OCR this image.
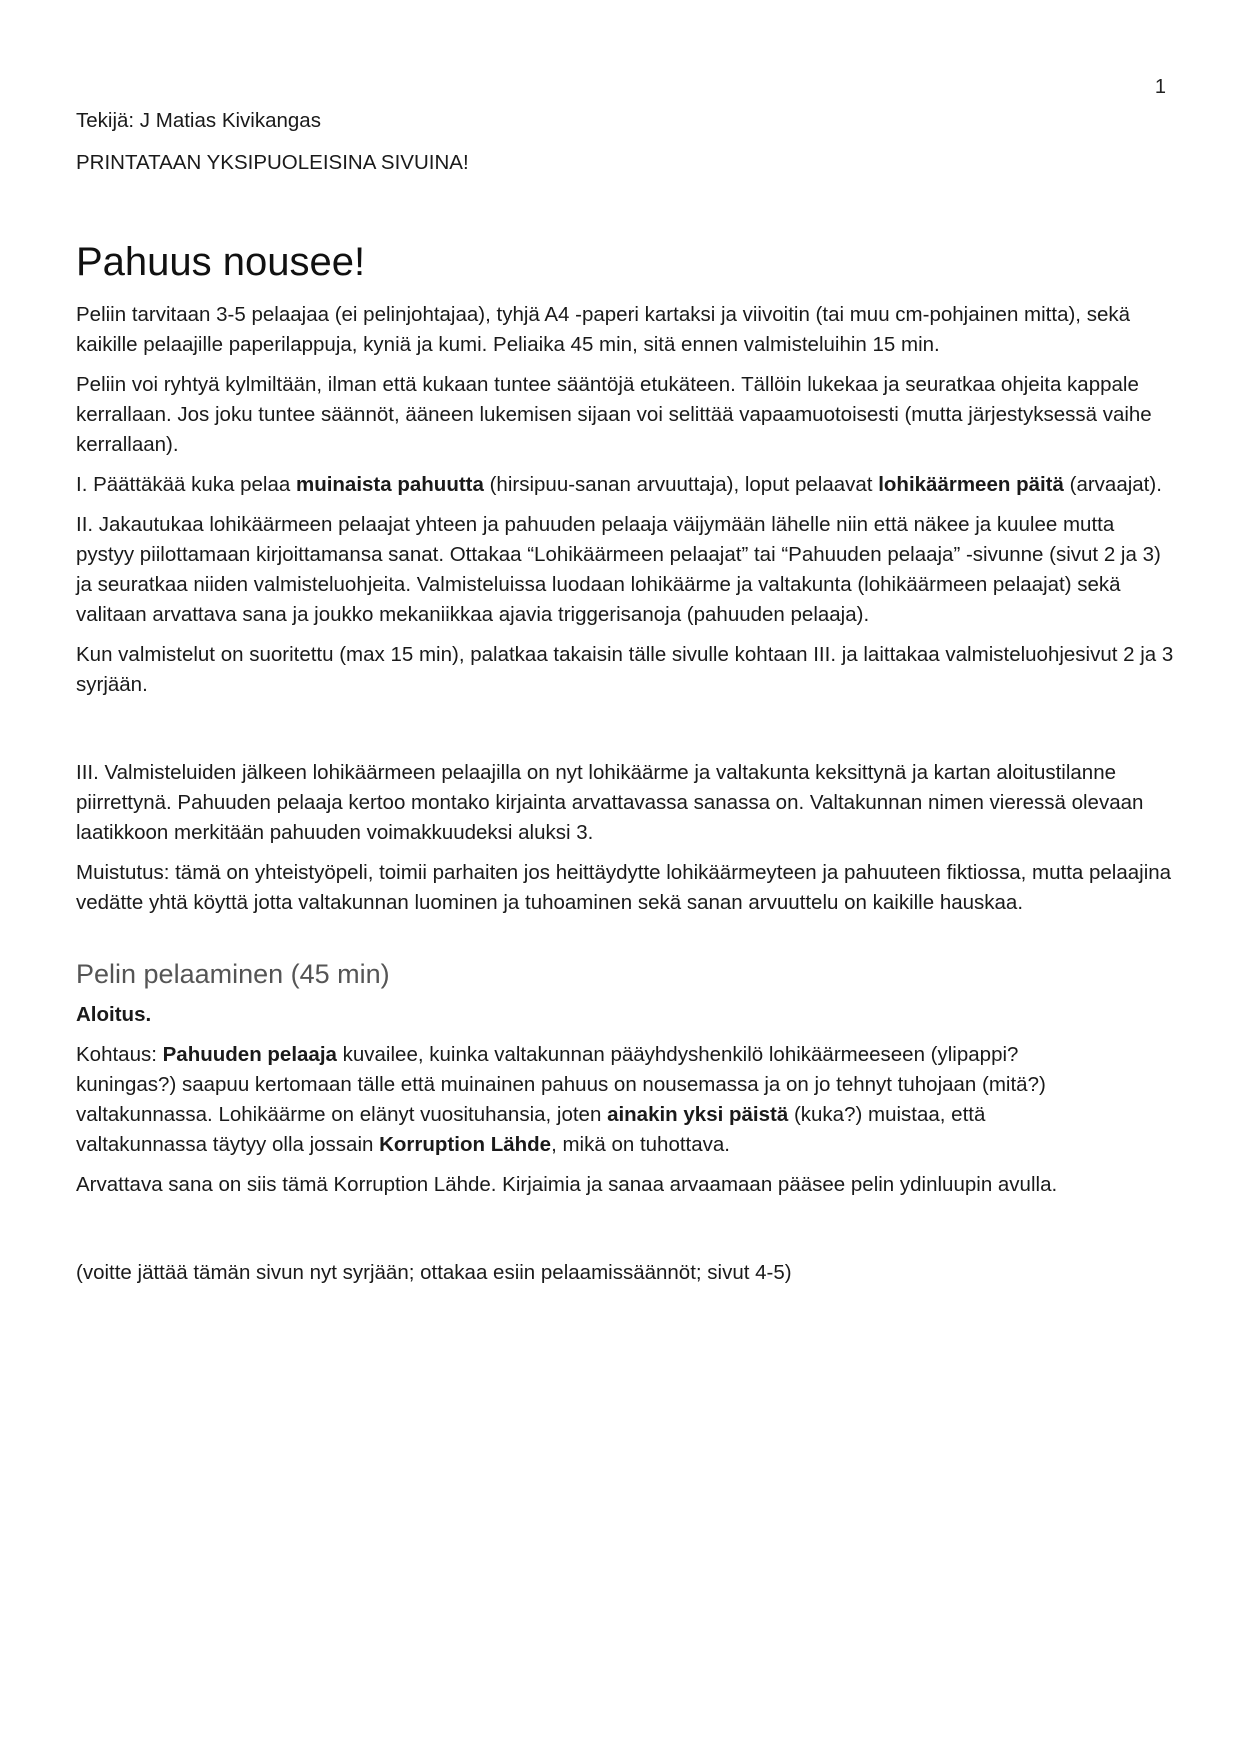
1

Tekijä: J Matias Kivikangas

PRINTATAAN YKSIPUOLEISINA SIVUINA!

Pahuus nousee!

Peliin tarvitaan 3-5 pelaajaa (ei pelinjohtajaa), tyhjä A4 -paperi kartaksi ja viivoitin (tai muu cm-pohjainen mitta), sekä kaikille pelaajille paperilappuja, kyniä ja kumi. Peliaika 45 min, sitä ennen valmisteluihin 15 min.

Peliin voi ryhtyä kylmiltään, ilman että kukaan tuntee sääntöjä etukäteen. Tällöin lukekaa ja seuratkaa ohjeita kappale kerrallaan. Jos joku tuntee säännöt, ääneen lukemisen sijaan voi selittää vapaamuotoisesti (mutta järjestyksessä vaihe kerrallaan).

I. Päättäkää kuka pelaa muinaista pahuutta (hirsipuu-sanan arvuuttaja), loput pelaavat lohikäärmeen päitä (arvaajat).

II. Jakautukaa lohikäärmeen pelaajat yhteen ja pahuuden pelaaja väijymään lähelle niin että näkee ja kuulee mutta pystyy piilottamaan kirjoittamansa sanat. Ottakaa “Lohikäärmeen pelaajat” tai “Pahuuden pelaaja” -sivunne (sivut 2 ja 3) ja seuratkaa niiden valmisteluohjeita. Valmisteluissa luodaan lohikäärme ja valtakunta (lohikäärmeen pelaajat) sekä valitaan arvattava sana ja joukko mekaniikkaa ajavia triggerisanoja (pahuuden pelaaja).

Kun valmistelut on suoritettu (max 15 min), palatkaa takaisin tälle sivulle kohtaan III. ja laittakaa valmisteluohjesivut 2 ja 3 syrjään.

III. Valmisteluiden jälkeen lohikäärmeen pelaajilla on nyt lohikäärme ja valtakunta keksittynä ja kartan aloitustilanne piirrettynä. Pahuuden pelaaja kertoo montako kirjainta arvattavassa sanassa on. Valtakunnan nimen vieressä olevaan laatikkoon merkitään pahuuden voimakkuudeksi aluksi 3.

Muistutus: tämä on yhteistyöpeli, toimii parhaiten jos heittäydytte lohikäärmeyteen ja pahuuteen fiktiossa, mutta pelaajina vedätte yhtä köyttä jotta valtakunnan luominen ja tuhoaminen sekä sanan arvuuttelu on kaikille hauskaa.

Pelin pelaaminen (45 min)

Aloitus.

Kohtaus: Pahuuden pelaaja kuvailee, kuinka valtakunnan pääyhdyshenkilö lohikäärmeeseen (ylipappi? kuningas?) saapuu kertomaan tälle että muinainen pahuus on nousemassa ja on jo tehnyt tuhojaan (mitä?) valtakunnassa. Lohikäärme on elänyt vuosituhansia, joten ainakin yksi päistä (kuka?) muistaa, että valtakunnassa täytyy olla jossain Korruption Lähde, mikä on tuhottava.

Arvattava sana on siis tämä Korruption Lähde. Kirjaimia ja sanaa arvaamaan pääsee pelin ydinluupin avulla.

(voitte jättää tämän sivun nyt syrjään; ottakaa esiin pelaamissäännöt; sivut 4-5)
